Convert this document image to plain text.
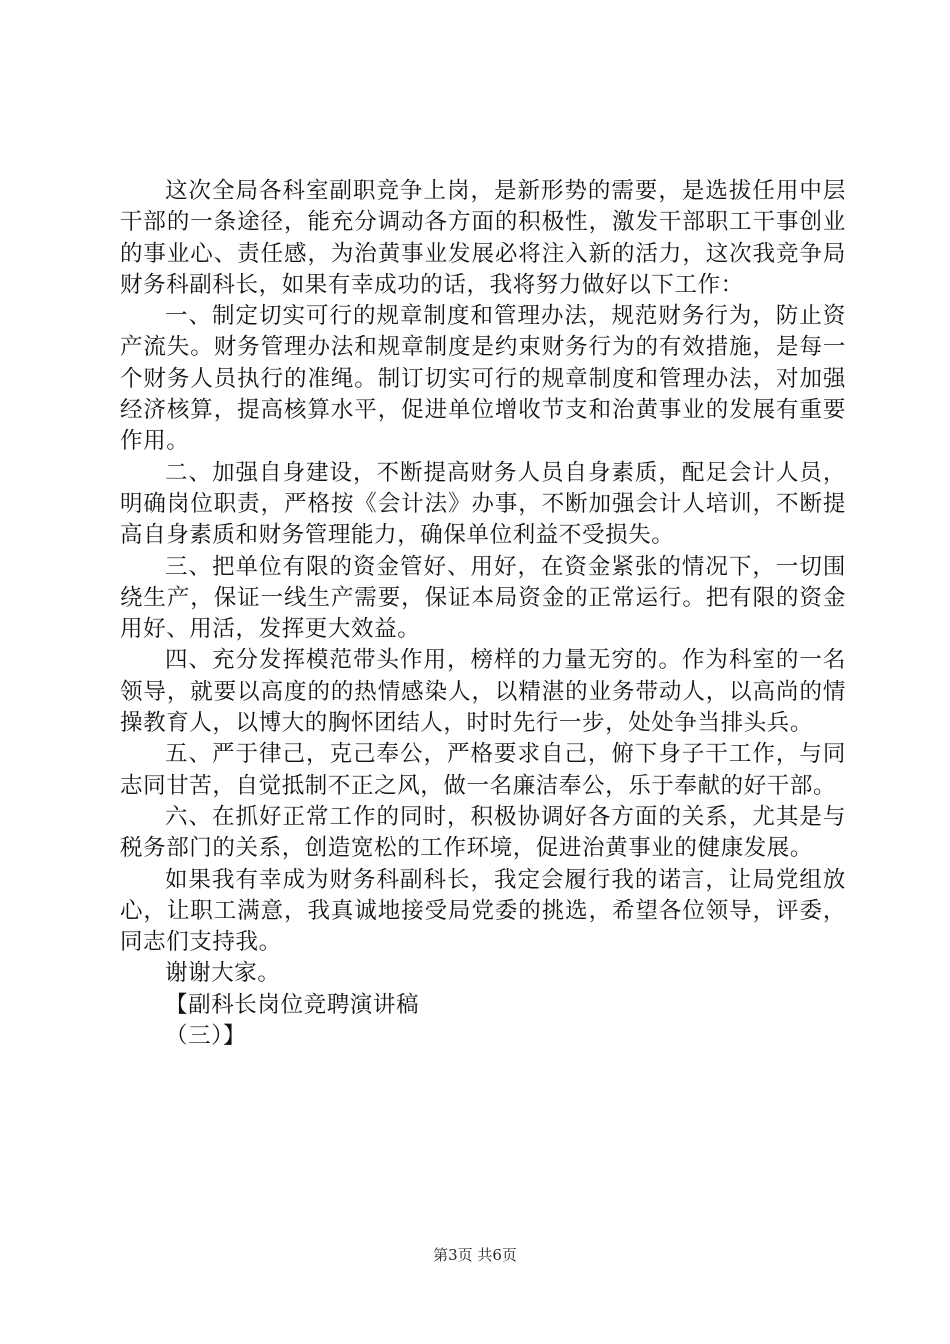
这次全局各科室副职竞争上岗，是新形势的需要，是选拔任用中层干部的一条途径，能充分调动各方面的积极性，激发干部职工干事创业的事业心、责任感，为治黄事业发展必将注入新的活力，这次我竞争局财务科副科长，如果有幸成功的话，我将努力做好以下工作：

一、制定切实可行的规章制度和管理办法，规范财务行为，防止资产流失。财务管理办法和规章制度是约束财务行为的有效措施，是每一个财务人员执行的准绳。制订切实可行的规章制度和管理办法，对加强经济核算，提高核算水平，促进单位增收节支和治黄事业的发展有重要作用。

二、加强自身建设，不断提高财务人员自身素质，配足会计人员，明确岗位职责，严格按《会计法》办事，不断加强会计人培训，不断提高自身素质和财务管理能力，确保单位利益不受损失。

三、把单位有限的资金管好、用好，在资金紧张的情况下，一切围绕生产，保证一线生产需要，保证本局资金的正常运行。把有限的资金用好、用活，发挥更大效益。

四、充分发挥模范带头作用，榜样的力量无穷的。作为科室的一名领导，就要以高度的的热情感染人，以精湛的业务带动人，以高尚的情操教育人，以博大的胸怀团结人，时时先行一步，处处争当排头兵。

五、严于律己，克己奉公，严格要求自己，俯下身子干工作，与同志同甘苦，自觉抵制不正之风，做一名廉洁奉公，乐于奉献的好干部。

六、在抓好正常工作的同时，积极协调好各方面的关系，尤其是与税务部门的关系，创造宽松的工作环境，促进治黄事业的健康发展。

如果我有幸成为财务科副科长，我定会履行我的诺言，让局党组放心，让职工满意，我真诚地接受局党委的挑选，希望各位领导，评委，同志们支持我。

谢谢大家。

【副科长岗位竞聘演讲稿

（三）】

第3页 共6页
